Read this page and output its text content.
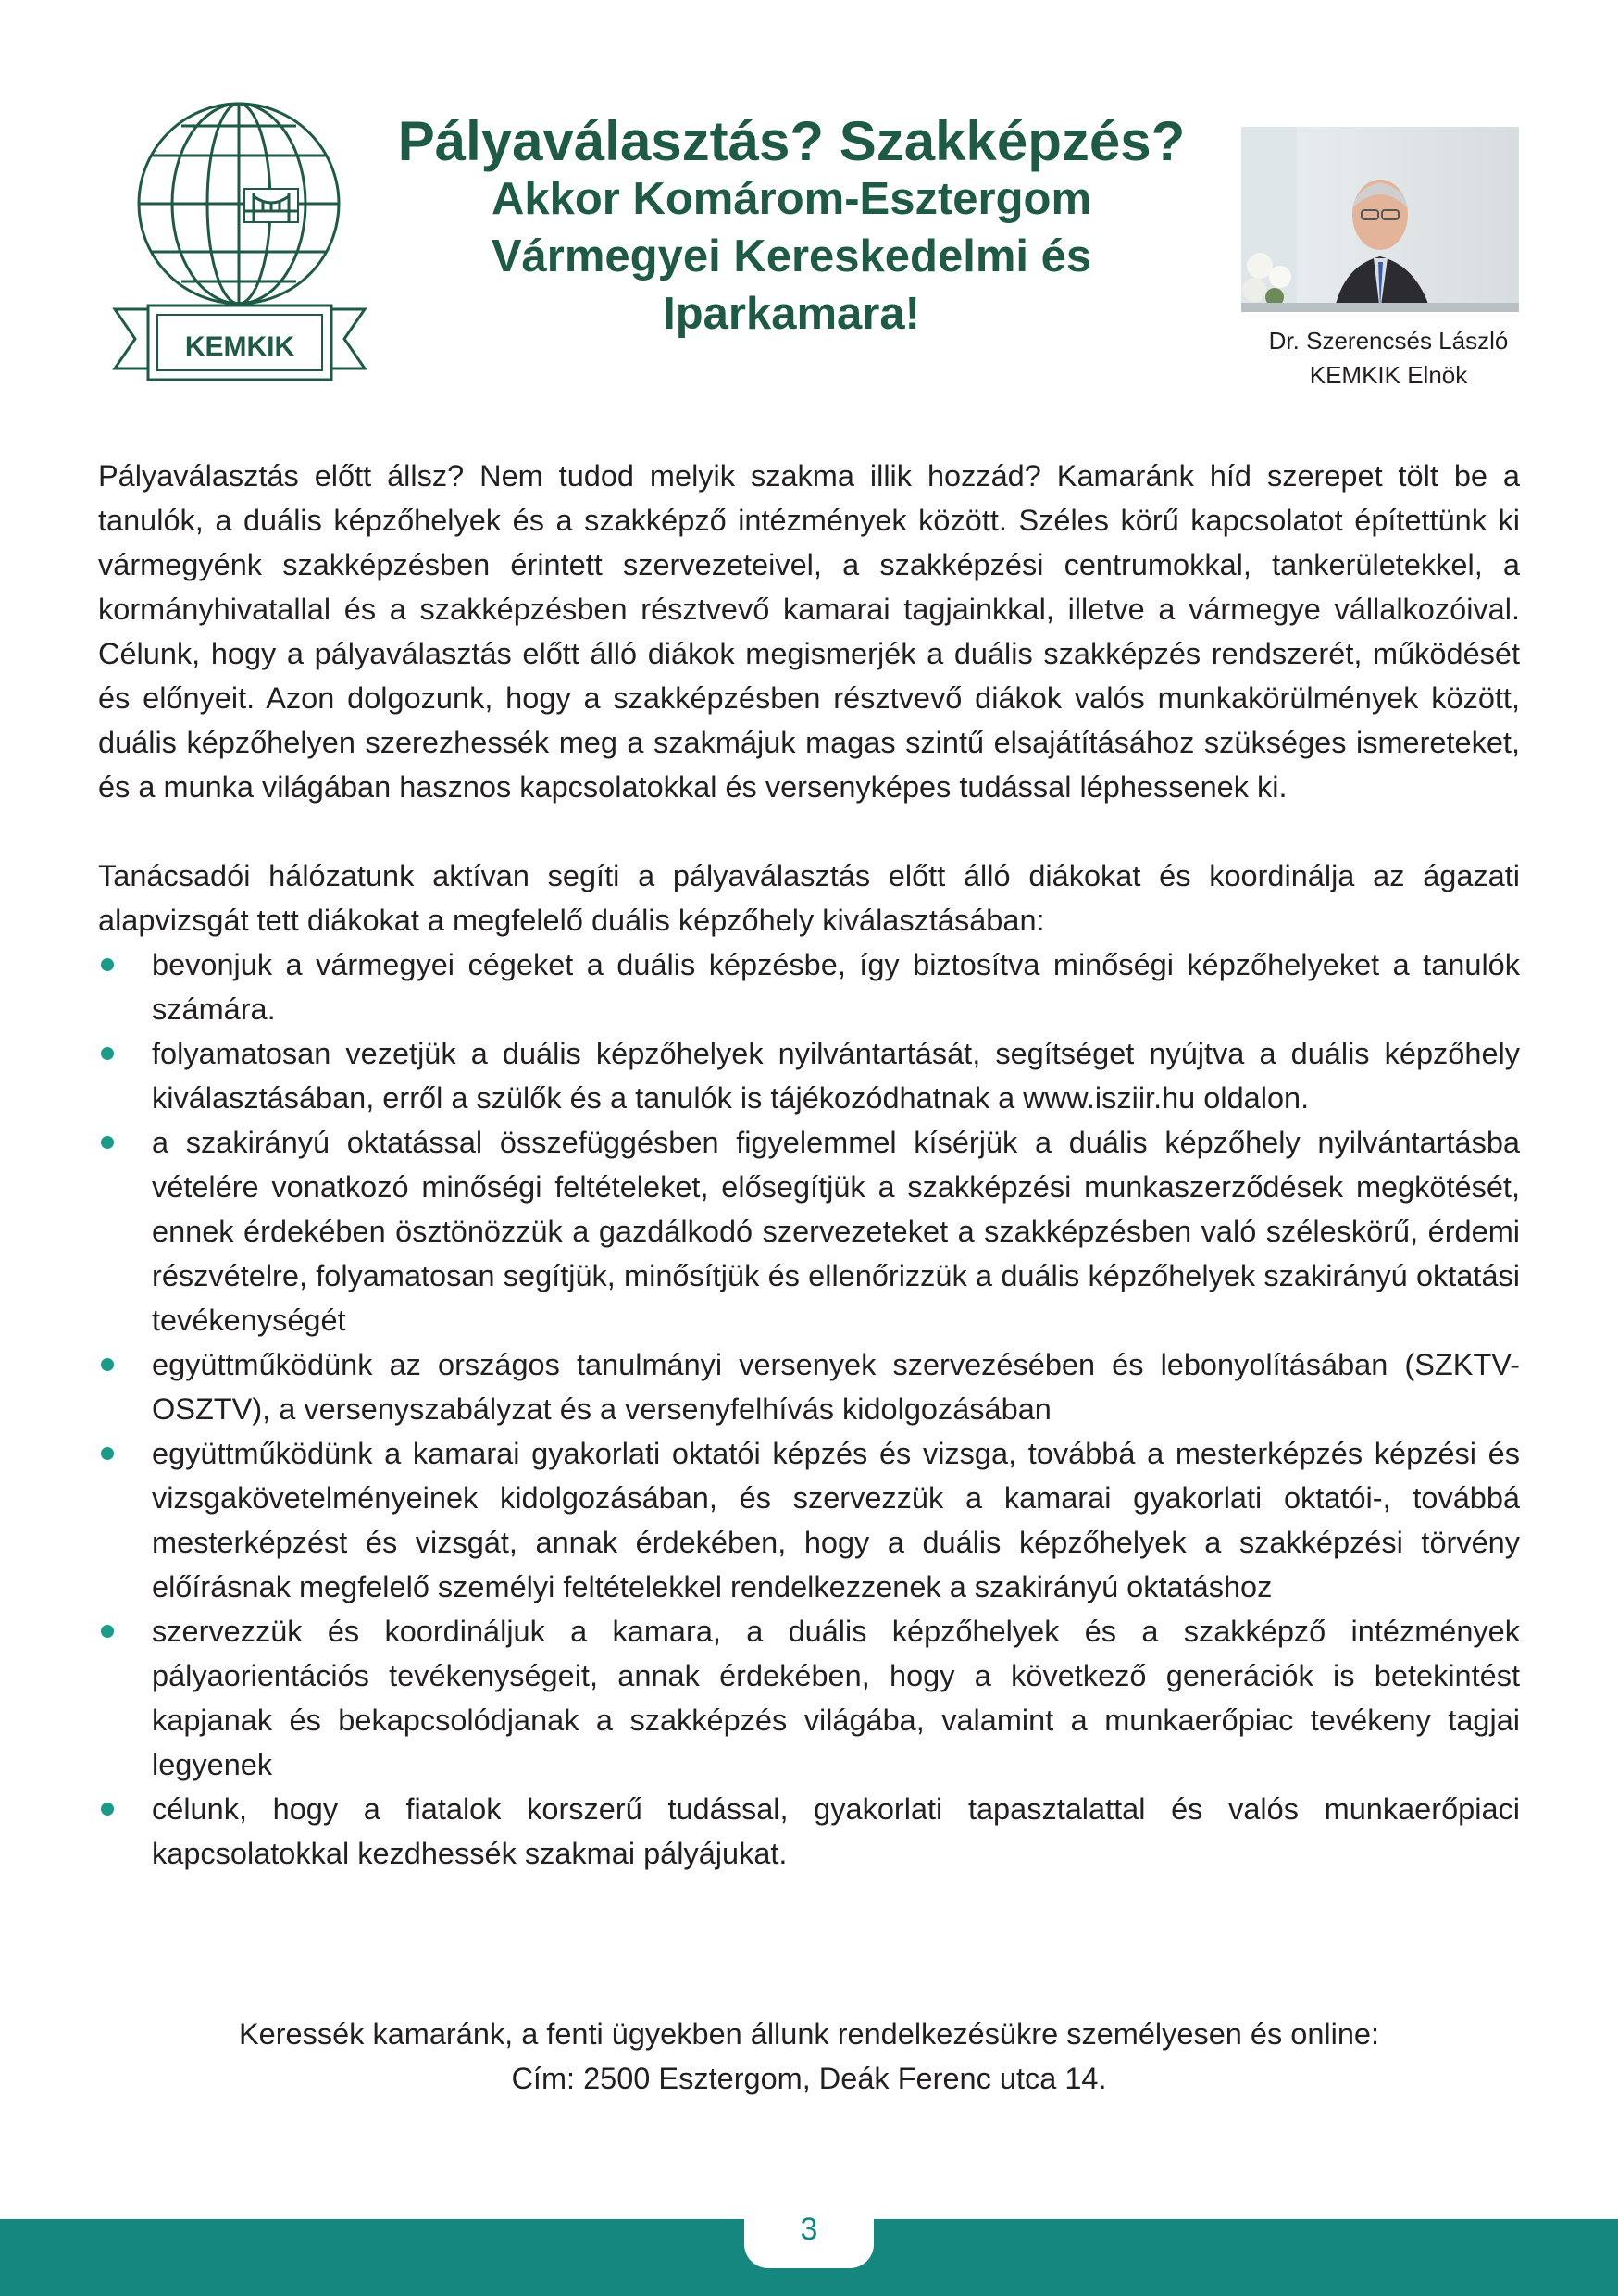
KEMKIK
Pályaválasztás? Szakképzés?
Akkor Komárom-Esztergom
Vármegyei Kereskedelmi és
Iparkamara!
Dr. Szerencsés László
KEMKIK Elnök

Pályaválasztás előtt állsz? Nem tudod melyik szakma illik hozzád? Kamaránk híd szerepet tölt be a tanulók, a duális képzőhelyek és a szakképző intézmények között. Széles körű kapcsolatot építettünk ki vármegyénk szakképzésben érintett szervezeteivel, a szakképzési centrumokkal, tankerületekkel, a kormányhivatallal és a szakképzésben résztvevő kamarai tagjainkkal, illetve a vármegye vállalkozóival. Célunk, hogy a pályaválasztás előtt álló diákok megismerjék a duális szakképzés rendszerét, működését és előnyeit. Azon dolgozunk, hogy a szakképzésben résztvevő diákok valós munkakörülmények között, duális képzőhelyen szerezhessék meg a szakmájuk magas szintű elsajátításához szükséges ismereteket, és a munka világában hasznos kapcsolatokkal és versenyképes tudással léphessenek ki.

Tanácsadói hálózatunk aktívan segíti a pályaválasztás előtt álló diákokat és koordinálja az ágazati alapvizsgát tett diákokat a megfelelő duális képzőhely kiválasztásában:

bevonjuk a vármegyei cégeket a duális képzésbe, így biztosítva minőségi képzőhelyeket a tanulók számára.
folyamatosan vezetjük a duális képzőhelyek nyilvántartását, segítséget nyújtva a duális képzőhely kiválasztásában, erről a szülők és a tanulók is tájékozódhatnak a www.isziir.hu oldalon.
a szakirányú oktatással összefüggésben figyelemmel kísérjük a duális képzőhely nyilvántartásba vételére vonatkozó minőségi feltételeket, elősegítjük a szakképzési munkaszerződések megkötését, ennek érdekében ösztönözzük a gazdálkodó szervezeteket a szakképzésben való széleskörű, érdemi részvételre, folyamatosan segítjük, minősítjük és ellenőrizzük a duális képzőhelyek szakirányú oktatási tevékenységét
együttműködünk az országos tanulmányi versenyek szervezésében és lebonyolításában (SZKTV-OSZTV), a versenyszabályzat és a versenyfelhívás kidolgozásában
együttműködünk a kamarai gyakorlati oktatói képzés és vizsga, továbbá a mesterképzés képzési és vizsgakövetelményeinek kidolgozásában, és szervezzük a kamarai gyakorlati oktatói-, továbbá mesterképzést és vizsgát, annak érdekében, hogy a duális képzőhelyek a szakképzési törvény előírásnak megfelelő személyi feltételekkel rendelkezzenek a szakirányú oktatáshoz
szervezzük és koordináljuk a kamara, a duális képzőhelyek és a szakképző intézmények pályaorientációs tevékenységeit, annak érdekében, hogy a következő generációk is betekintést kapjanak és bekapcsolódjanak a szakképzés világába, valamint a munkaerőpiac tevékeny tagjai legyenek
célunk, hogy a fiatalok korszerű tudással, gyakorlati tapasztalattal és valós munkaerőpiaci kapcsolatokkal kezdhessék szakmai pályájukat.
Keressék kamaránk, a fenti ügyekben állunk rendelkezésükre személyesen és online:
Cím: 2500 Esztergom, Deák Ferenc utca 14.
3
